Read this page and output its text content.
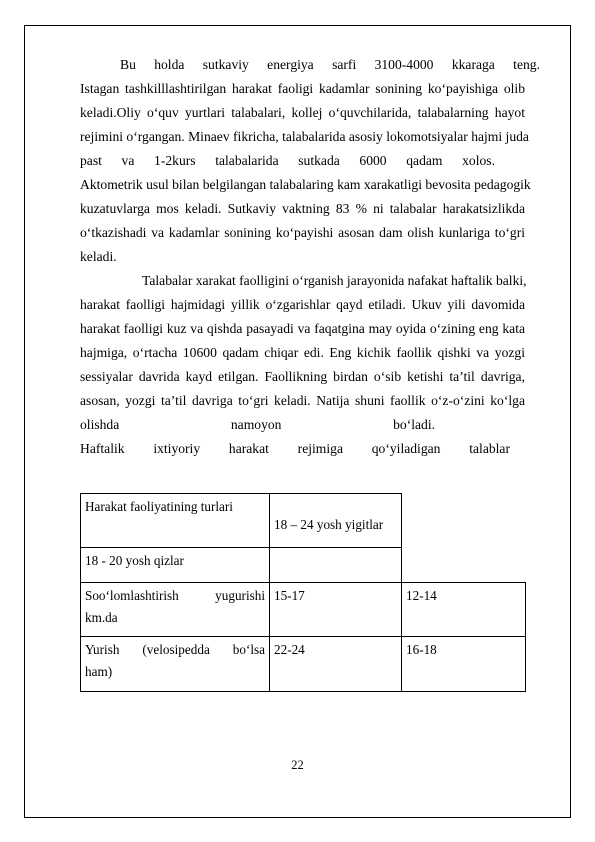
Bu holda sutkaviy energiya sarfi 3100-4000 kkaraga teng.
Istagan tashkilllashtirilgan harakat faoligi kadamlar sonining ko‘payishiga olib
keladi.Oliy o‘quv yurtlari talabalari, kollej o‘quvchilarida, talabalarning hayot
rejimini o‘rgangan. Minaev fikricha, talabalarida asosiy lokomotsiyalar hajmi juda
past va 1-2kurs talabalarida sutkada 6000 qadam xolos.
Aktometrik usul bilan belgilangan talabalaring kam xarakatligi bevosita pedagogik
kuzatuvlarga mos keladi. Sutkaviy vaktning 83 % ni talabalar harakatsizlikda
o‘tkazishadi va kadamlar sonining ko‘payishi asosan dam olish kunlariga to‘gri
keladi.
Talabalar xarakat faolligini o‘rganish jarayonida nafakat haftalik balki,
harakat faolligi hajmidagi yillik o‘zgarishlar qayd etiladi. Ukuv yili davomida
harakat faolligi kuz va qishda pasayadi va faqatgina may oyida o‘zining eng kata
hajmiga, o‘rtacha 10600 qadam chiqar edi. Eng kichik faollik qishki va yozgi
sessiyalar davrida kayd etilgan. Faollikning birdan o‘sib ketishi ta’til davriga,
asosan, yozgi ta’til davriga to‘gri keladi. Natija shuni faollik o‘z-o‘zini ko‘lga
olishda namoyon bo‘ladi.
Haftalik ixtiyoriy harakat rejimiga qo‘yiladigan talablar
Harakat faoliyatining turlari
18 – 24 yosh yigitlar
18 - 20 yosh qizlar
Soo‘lomlashtirish yugurishi
km.da
15-17	12-14
Yurish (velosipedda bo‘lsa
ham)
22-24	16-18
22
